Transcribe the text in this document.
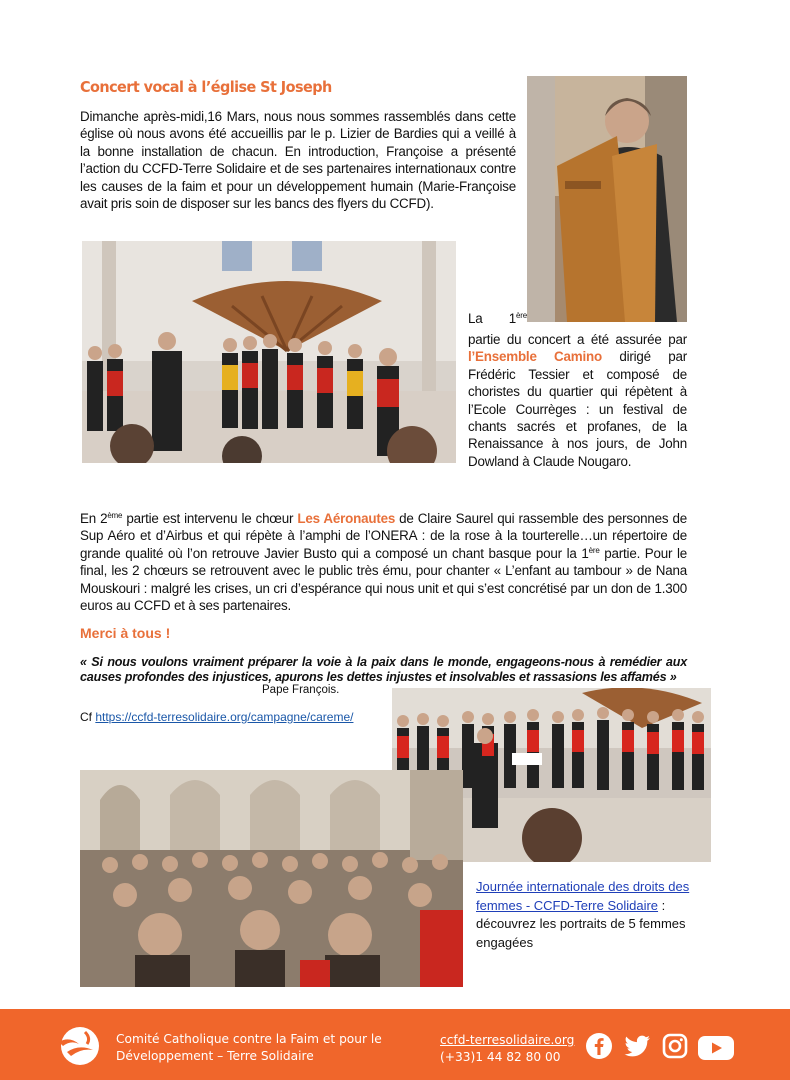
Concert vocal à l’église St Joseph
Dimanche après-midi,16 Mars, nous nous sommes rassemblés dans cette église où nous avons été accueillis par le p. Lizier de Bardies qui a veillé à la bonne installation de chacun. En introduction, Françoise a présenté l’action du CCFD-Terre Solidaire et de ses partenaires internationaux contre les causes de la faim et pour un développement humain (Marie-Françoise avait pris soin de disposer sur les bancs des flyers du CCFD).
La 1ère
partie du concert a été assurée par l’Ensemble Camino dirigé par Frédéric Tessier et composé de choristes du quartier qui répètent à l’Ecole Courrèges : un festival de chants sacrés et profanes, de la Renaissance à nos jours, de John Dowland à Claude Nougaro.
En 2ème partie est intervenu le chœur Les Aéronautes de Claire Saurel qui rassemble des personnes de Sup Aéro et d’Airbus et qui répète à l’amphi de l’ONERA : de la rose à la tourterelle…un répertoire de grande qualité où l’on retrouve Javier Busto qui a composé un chant basque pour la 1ère partie. Pour le final, les 2 chœurs se retrouvent avec le public très ému, pour chanter « L’enfant au tambour » de Nana Mouskouri : malgré les crises, un cri d’espérance qui nous unit et qui s’est concrétisé par un don de 1.300 euros au CCFD et à ses partenaires.
Merci à tous !
« Si nous voulons vraiment préparer la voie à la paix dans le monde, engageons-nous à remédier aux causes profondes des injustices, apurons les dettes injustes et insolvables et rassasions les affamés »
Pape François.
Cf https://ccfd-terresolidaire.org/campagne/careme/
Journée internationale des droits des femmes - CCFD-Terre Solidaire : découvrez les portraits de 5 femmes engagées
Comité Catholique contre la Faim et pour le
Développement – Terre Solidaire
ccfd-terresolidaire.org
(+33)1 44 82 80 00
